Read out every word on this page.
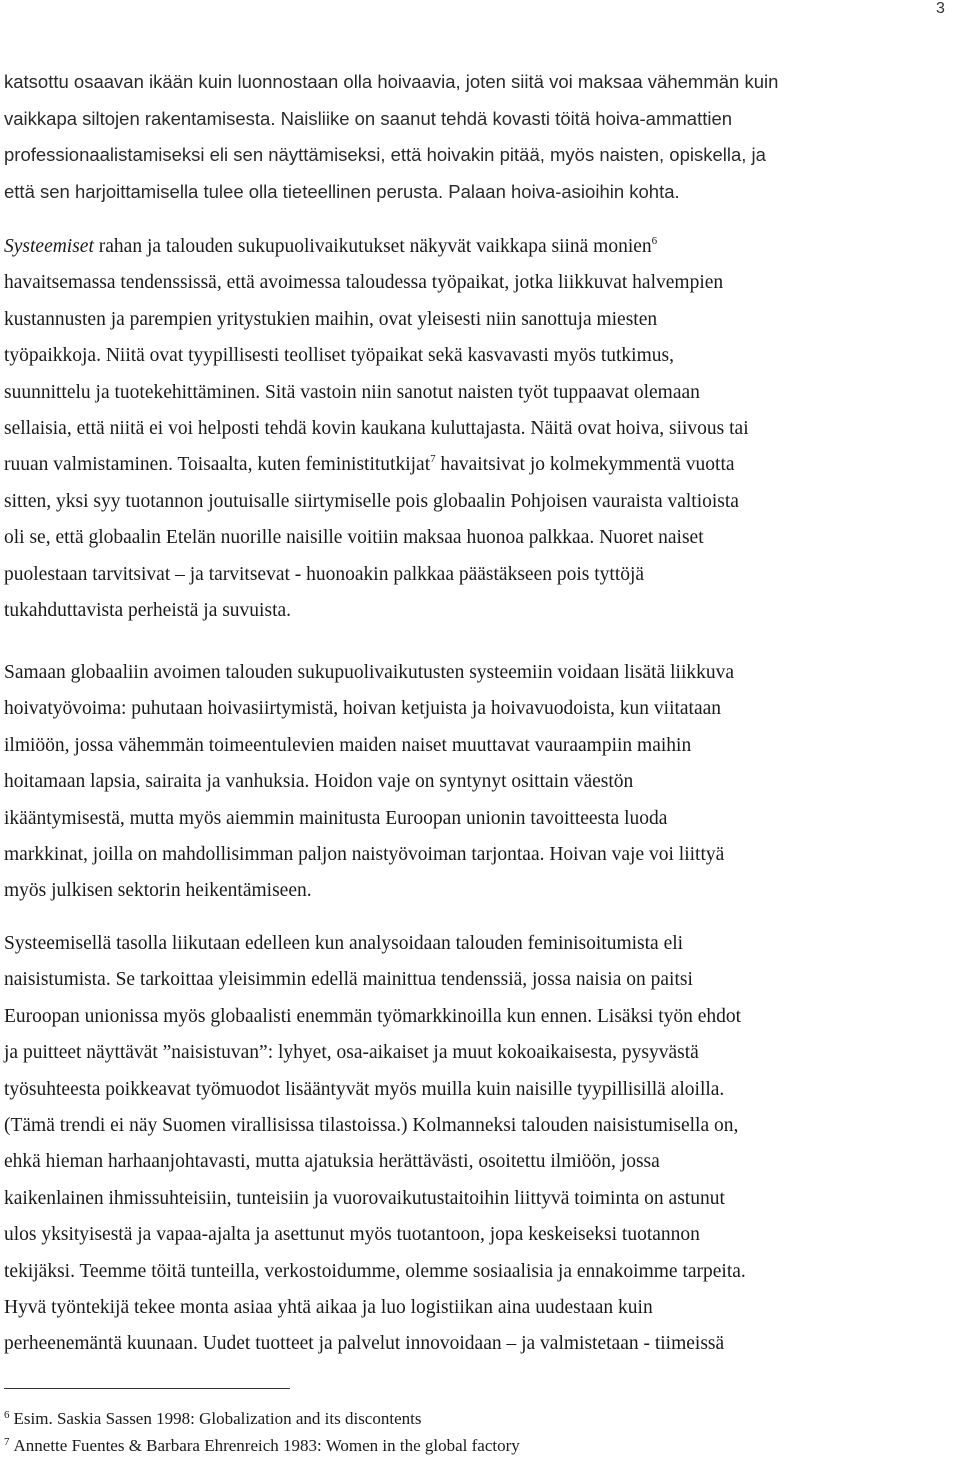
3
katsottu osaavan ikään kuin luonnostaan olla hoivaavia, joten siitä voi maksaa vähemmän kuin
vaikkapa siltojen rakentamisesta. Naisliike on saanut tehdä kovasti töitä hoiva-ammattien
professionaalistamiseksi eli sen näyttämiseksi, että hoivakin pitää, myös naisten, opiskella, ja
että sen harjoittamisella tulee olla tieteellinen perusta. Palaan hoiva-asioihin kohta.
Systeemiset rahan ja talouden sukupuolivaikutukset näkyvät vaikkapa siinä monien$^6$
havaitsemassa tendenssissä, että avoimessa taloudessa työpaikat, jotka liikkuvat halvempien
kustannusten ja parempien yritystukien maihin, ovat yleisesti niin sanottuja miesten
työpaikkoja. Niitä ovat tyypillisesti teolliset työpaikat sekä kasvavasti myös tutkimus,
suunnittelu ja tuotekehittäminen. Sitä vastoin niin sanotut naisten työt tuppaavat olemaan
sellaisia, että niitä ei voi helposti tehdä kovin kaukana kuluttajasta. Näitä ovat hoiva, siivous tai
ruuan valmistaminen. Toisaalta, kuten feministitutkijat$^7$ havaitsivat jo kolmekymmentä vuotta
sitten, yksi syy tuotannon joutuisalle siirtymiselle pois globaalin Pohjoisen vauraista valtioista
oli se, että globaalin Etelän nuorille naisille voitiin maksaa huonoa palkkaa. Nuoret naiset
puolestaan tarvitsivat – ja tarvitsevat - huonoakin palkkaa päästäkseen pois tyttöjä
tukahduttavista perheistä ja suvuista.
Samaan globaaliin avoimen talouden sukupuolivaikutusten systeemiin voidaan lisätä liikkuva
hoivatyövoima: puhutaan hoivasiirtymistä, hoivan ketjuista ja hoivavuodoista, kun viitataan
ilmiöön, jossa vähemmän toimeentulevien maiden naiset muuttavat vauraampiin maihin
hoitamaan lapsia, sairaita ja vanhuksia. Hoidon vaje on syntynyt osittain väestön
ikääntymisestä, mutta myös aiemmin mainitusta Euroopan unionin tavoitteesta luoda
markkinat, joilla on mahdollisimman paljon naistyövoiman tarjontaa. Hoivan vaje voi liittyä
myös julkisen sektorin heikentämiseen.
Systeemisellä tasolla liikutaan edelleen kun analysoidaan talouden feminisoitumista eli
naisistumista. Se tarkoittaa yleisimmin edellä mainittua tendenssiä, jossa naisia on paitsi
Euroopan unionissa myös globaalisti enemmän työmarkkinoilla kun ennen. Lisäksi työn ehdot
ja puitteet näyttävät ”naisistuvan”: lyhyet, osa-aikaiset ja muut kokoaikaisesta, pysyvästä
työsuhteesta poikkeavat työmuodot lisääntyvät myös muilla kuin naisille tyypillisillä aloilla.
(Tämä trendi ei näy Suomen virallisissa tilastoissa.) Kolmanneksi talouden naisistumisella on,
ehkä hieman harhaanjohtavasti, mutta ajatuksia herättävästi, osoitettu ilmiöön, jossa
kaikenlainen ihmissuhteisiin, tunteisiin ja vuorovaikutustaitoihin liittyvä toiminta on astunut
ulos yksityisestä ja vapaa-ajalta ja asettunut myös tuotantoon, jopa keskeiseksi tuotannon
tekijäksi. Teemme töitä tunteilla, verkostoidumme, olemme sosiaalisia ja ennakoimme tarpeita.
Hyvä työntekijä tekee monta asiaa yhtä aikaa ja luo logistiikan aina uudestaan kuin
perheenemäntä kuunaan. Uudet tuotteet ja palvelut innovoidaan – ja valmistetaan - tiimeissä
$^6$ Esim. Saskia Sassen 1998: Globalization and its discontents
$^7$ Annette Fuentes & Barbara Ehrenreich 1983: Women in the global factory
